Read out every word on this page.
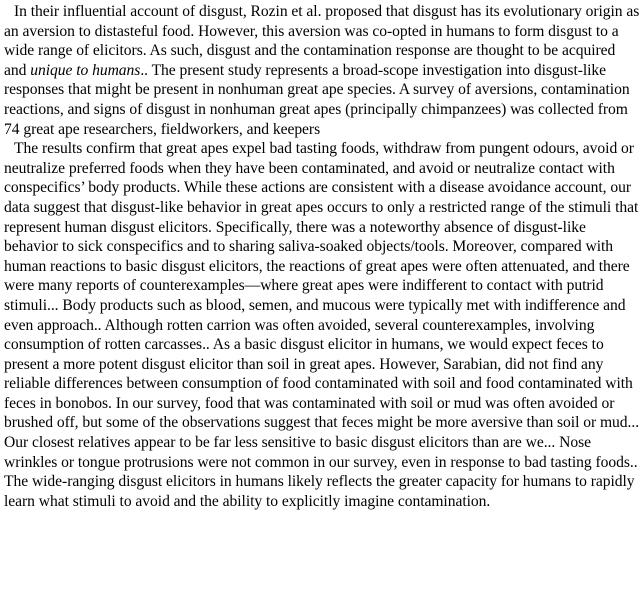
In their influential account of disgust, Rozin et al. proposed that disgust has its evolutionary origin as an aversion to distasteful food. However, this aversion was co-opted in humans to form disgust to a wide range of elicitors. As such, disgust and the contamination response are thought to be acquired and unique to humans.. The present study represents a broad-scope investigation into disgust-like responses that might be present in nonhuman great ape species. A survey of aversions, contamination reactions, and signs of disgust in nonhuman great apes (principally chimpanzees) was collected from 74 great ape researchers, fieldworkers, and keepers

The results confirm that great apes expel bad tasting foods, withdraw from pungent odours, avoid or neutralize preferred foods when they have been contaminated, and avoid or neutralize contact with conspecifics’ body products. While these actions are consistent with a disease avoidance account, our data suggest that disgust-like behavior in great apes occurs to only a restricted range of the stimuli that represent human disgust elicitors. Specifically, there was a noteworthy absence of disgust-like behavior to sick conspecifics and to sharing saliva-soaked objects/tools. Moreover, compared with human reactions to basic disgust elicitors, the reactions of great apes were often attenuated, and there were many reports of counterexamples—where great apes were indifferent to contact with putrid stimuli... Body products such as blood, semen, and mucous were typically met with indifference and even approach.. Although rotten carrion was often avoided, several counterexamples, involving consumption of rotten carcasses.. As a basic disgust elicitor in humans, we would expect feces to present a more potent disgust elicitor than soil in great apes. However, Sarabian, did not find any reliable differences between consumption of food contaminated with soil and food contaminated with feces in bonobos. In our survey, food that was contaminated with soil or mud was often avoided or brushed off, but some of the observations suggest that feces might be more aversive than soil or mud... Our closest relatives appear to be far less sensitive to basic disgust elicitors than are we... Nose wrinkles or tongue protrusions were not common in our survey, even in response to bad tasting foods.. The wide-ranging disgust elicitors in humans likely reflects the greater capacity for humans to rapidly learn what stimuli to avoid and the ability to explicitly imagine contamination.
